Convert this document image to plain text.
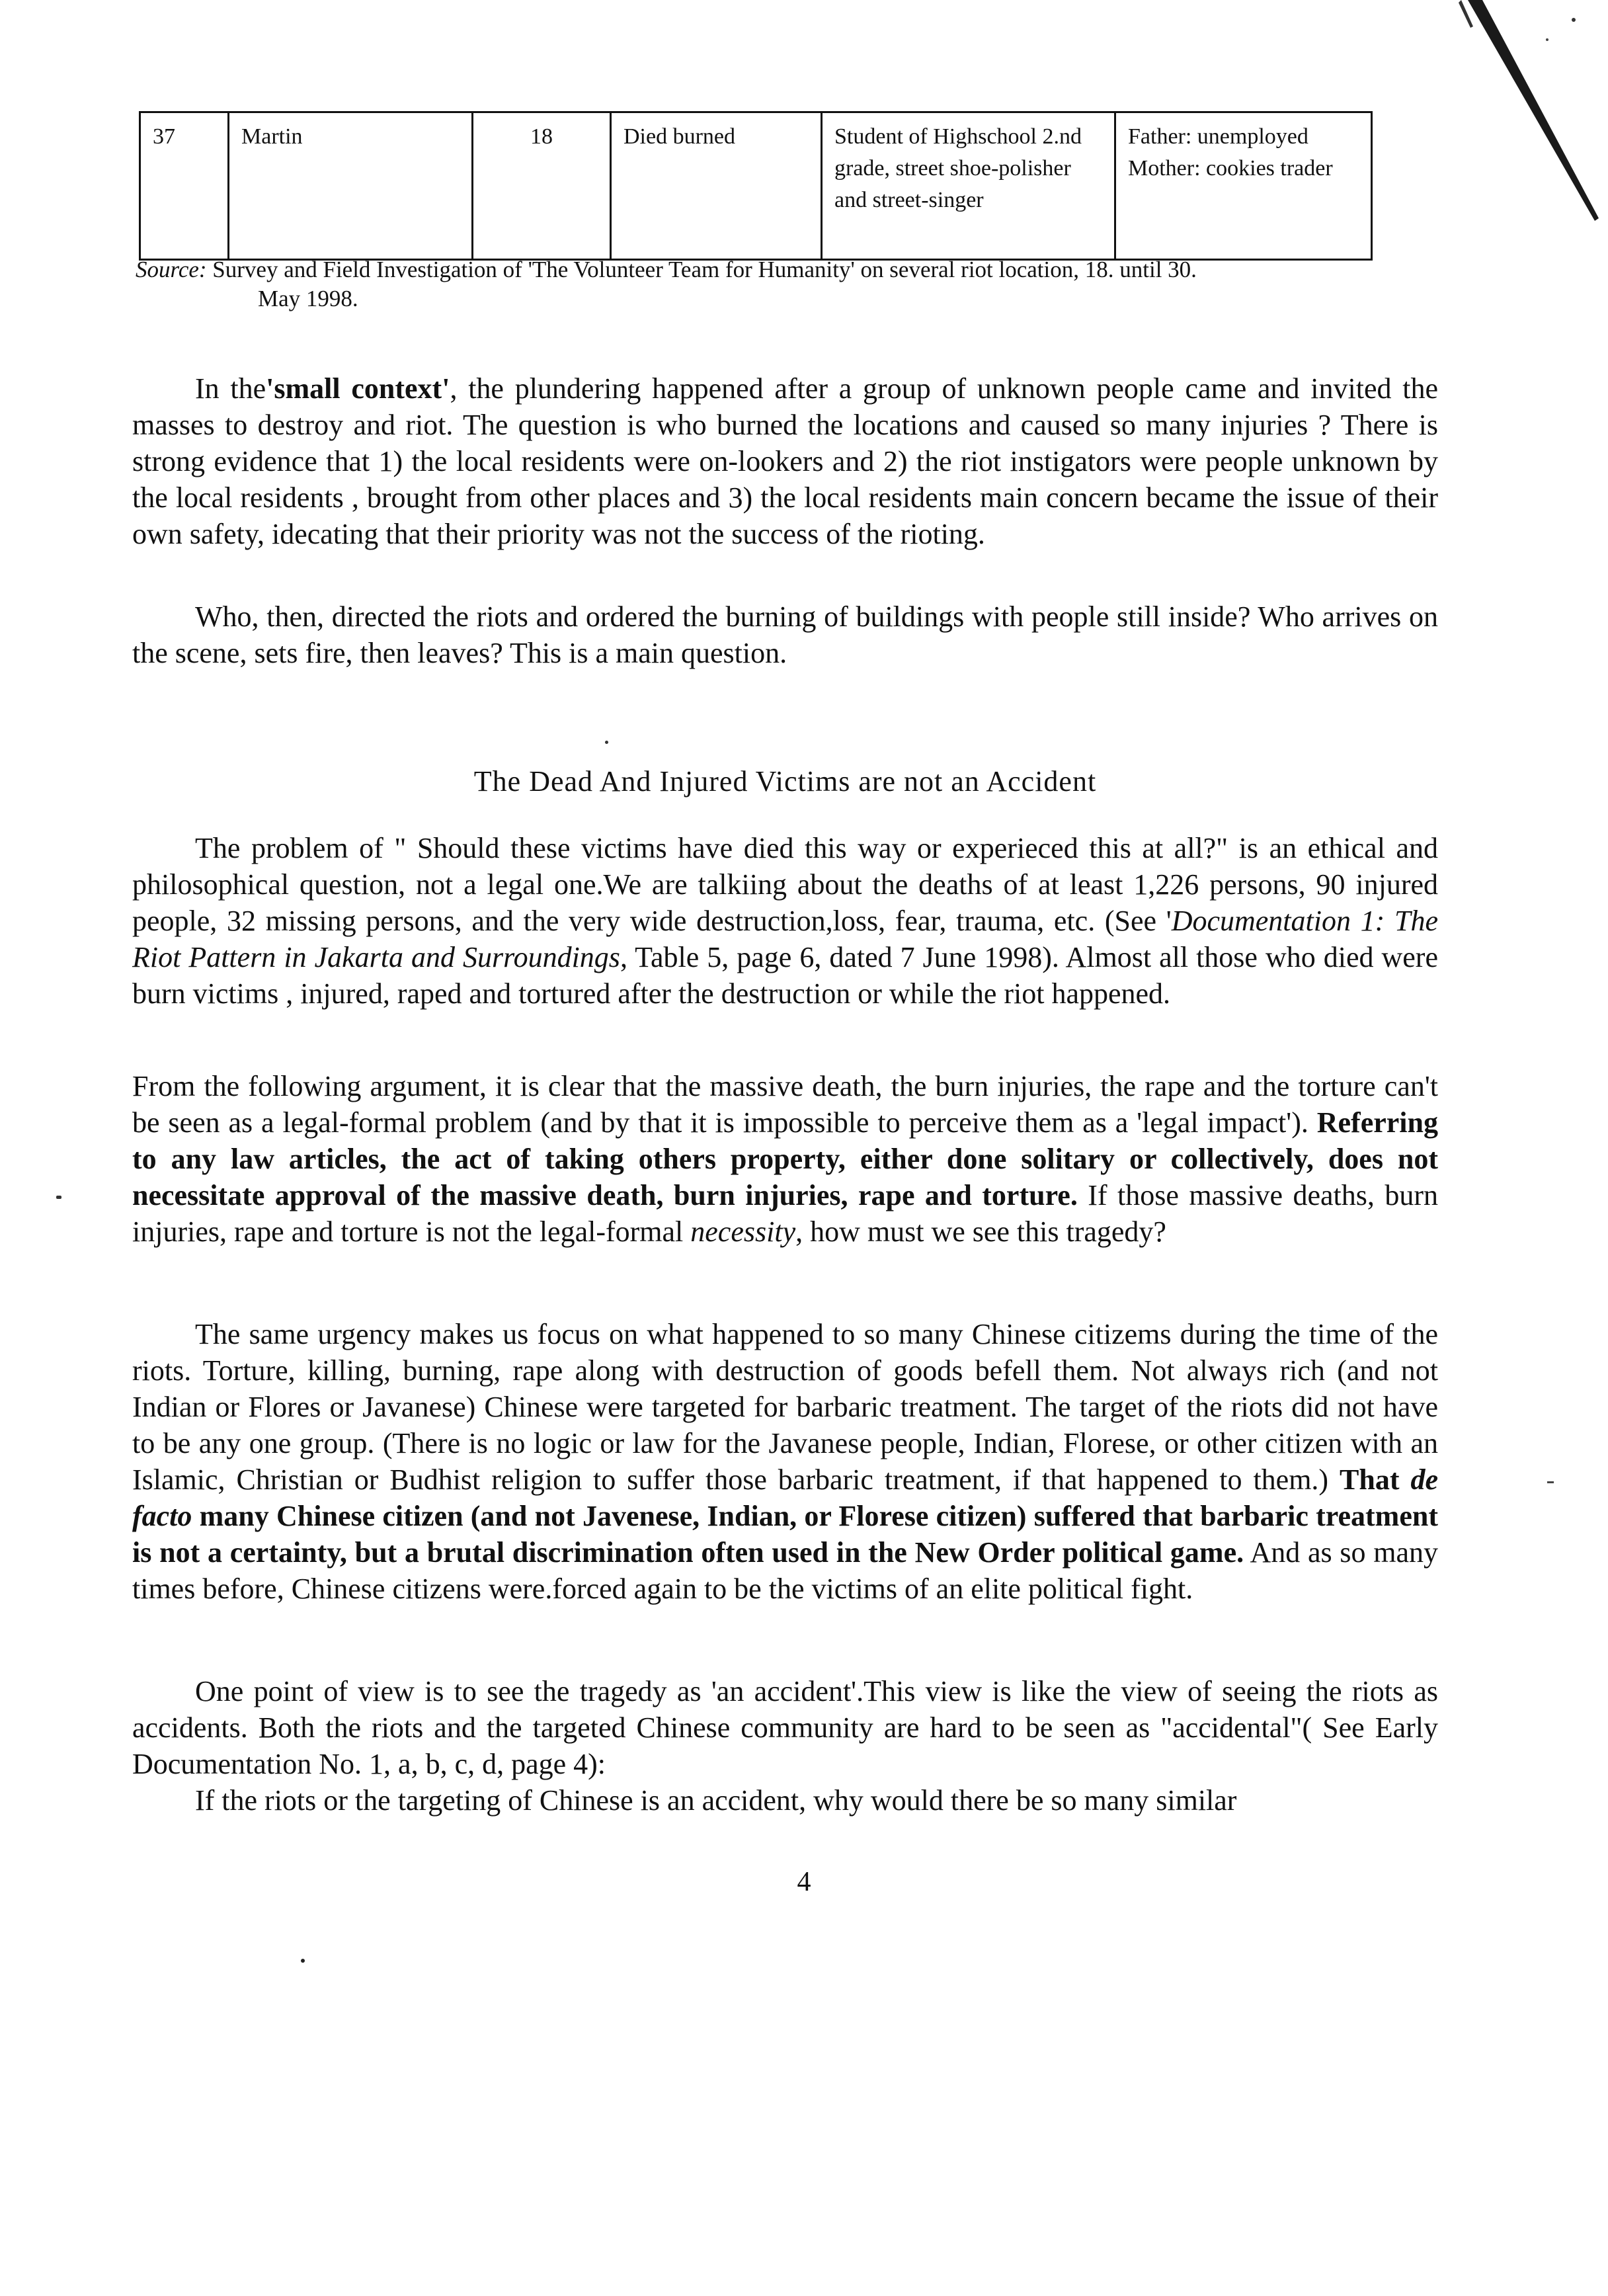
37	Martin	18	Died burned	Student of Highschool 2.nd grade, street shoe-polisher and street-singer	Father: unemployed
Mother: cookies trader
Source: Survey and Field Investigation of 'The Volunteer Team for Humanity' on several riot location, 18. until 30.
May 1998.

In the'small context', the plundering happened after a group of unknown people came and invited the masses to destroy and riot. The question is who burned the locations and caused so many injuries ? There is strong evidence that 1) the local residents were on-lookers and 2) the riot instigators were people unknown by the local residents , brought from other places and 3) the local residents main concern became the issue of their own safety, idecating that their priority was not the success of the rioting.

Who, then, directed the riots and ordered the burning of buildings with people still inside? Who arrives on the scene, sets fire, then leaves? This is a main question.

The Dead And Injured Victims are not an Accident

The problem of " Should these victims have died this way or experieced this at all?" is an ethical and philosophical question, not a legal one.We are talkiing about the deaths of at least 1,226 persons, 90 injured people, 32 missing persons, and the very wide destruction,loss, fear, trauma, etc. (See 'Documentation 1: The Riot Pattern in Jakarta and Surroundings, Table 5, page 6, dated 7 June 1998). Almost all those who died were burn victims , injured, raped and tortured after the destruction or while the riot happened.

From the following argument, it is clear that the massive death, the burn injuries, the rape and the torture can't be seen as a legal-formal problem (and by that it is impossible to perceive them as a 'legal impact'). Referring to any law articles, the act of taking others property, either done solitary or collectively, does not necessitate approval of the massive death, burn injuries, rape and torture. If those massive deaths, burn injuries, rape and torture is not the legal-formal necessity, how must we see this tragedy?

The same urgency makes us focus on what happened to so many Chinese citizems during the time of the riots. Torture, killing, burning, rape along with destruction of goods befell them. Not always rich (and not Indian or Flores or Javanese) Chinese were targeted for barbaric treatment. The target of the riots did not have to be any one group. (There is no logic or law for the Javanese people, Indian, Florese, or other citizen with an Islamic, Christian or Budhist religion to suffer those barbaric treatment, if that happened to them.) That de facto many Chinese citizen (and not Javenese, Indian, or Florese citizen) suffered that barbaric treatment is not a certainty, but a brutal discrimination often used in the New Order political game. And as so many times before, Chinese citizens were.forced again to be the victims of an elite political fight.

One point of view is to see the tragedy as 'an accident'.This view is like the view of seeing the riots as accidents. Both the riots and the targeted Chinese community are hard to be seen as "accidental"( See Early Documentation No. 1, a, b, c, d, page 4):

If the riots or the targeting of Chinese is an accident, why would there be so many similar

4
